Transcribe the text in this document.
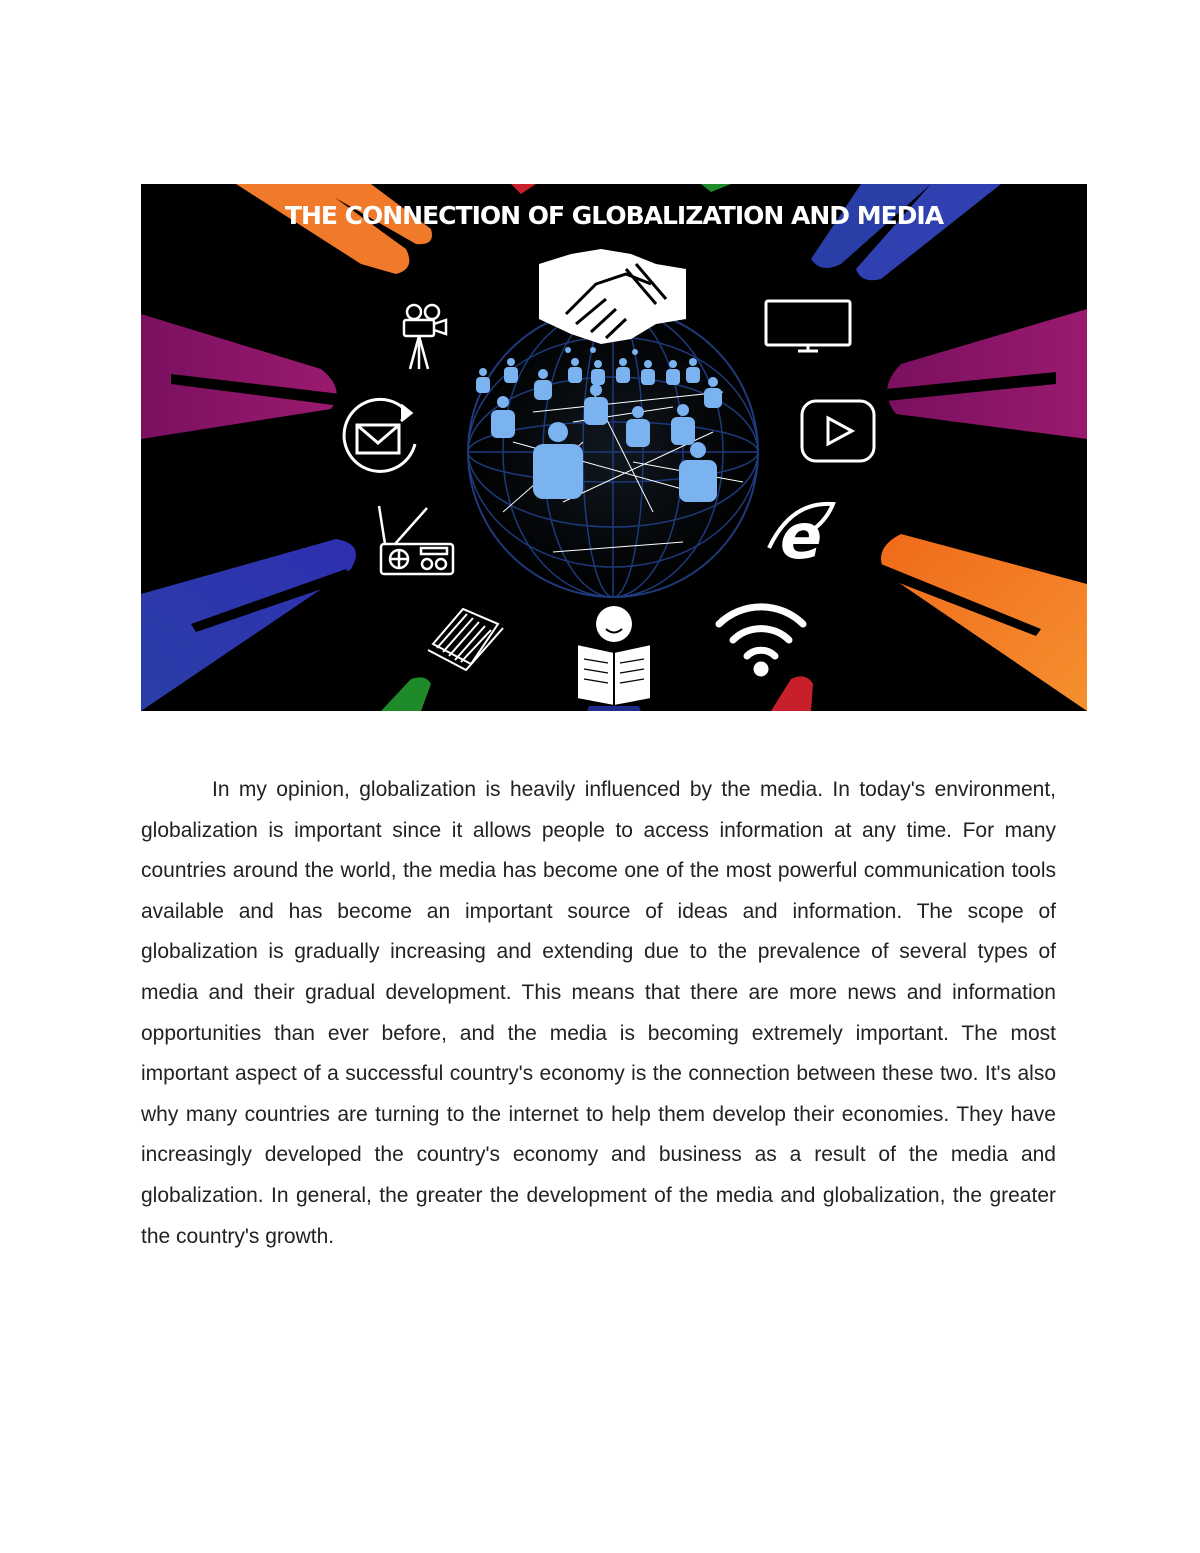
THE CONNECTION OF GLOBALIZATION AND MEDIA
e

In my opinion, globalization is heavily influenced by the media. In today's environment, globalization is important since it allows people to access information at any time. For many countries around the world, the media has become one of the most powerful communication tools available and has become an important source of ideas and information. The scope of globalization is gradually increasing and extending due to the prevalence of several types of media and their gradual development. This means that there are more news and information opportunities than ever before, and the media is becoming extremely important. The most important aspect of a successful country's economy is the connection between these two. It's also why many countries are turning to the internet to help them develop their economies. They have increasingly developed the country's economy and business as a result of the media and globalization. In general, the greater the development of the media and globalization, the greater the country's growth.
